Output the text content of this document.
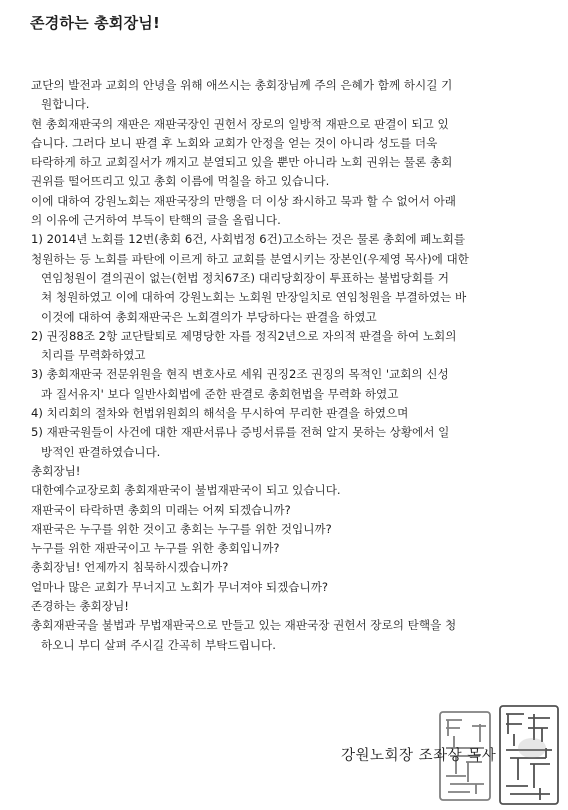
존경하는 총회장님!
교단의 발전과 교회의 안녕을 위해 애쓰시는 총회장님께 주의 은혜가 함께 하시길 기
원합니다.
현 총회재판국의 재판은 재판국장인 권헌서 장로의 일방적 재판으로 판결이 되고 있
습니다. 그러다 보니 판결 후 노회와 교회가 안정을 얻는 것이 아니라 성도를 더욱
타락하게 하고 교회질서가 깨지고 분열되고 있을 뿐만 아니라 노회 권위는 물론 총회
권위를 떨어뜨리고 있고 총회 이름에 먹칠을 하고 있습니다.
이에 대하여 강원노회는 재판국장의 만행을 더 이상 좌시하고 묵과 할 수 없어서 아래
의 이유에 근거하여 부득이 탄핵의 글을 올립니다.
1) 2014년 노회를 12번(총회 6건, 사회법정 6건)고소하는 것은 물론 총회에 폐노회를
청원하는 등 노회를 파탄에 이르게 하고 교회를 분열시키는 장본인(우제영 목사)에 대한
연임청원이 결의권이 없는(헌법 정치67조) 대리당회장이 투표하는 불법당회를 거
쳐 청원하였고 이에 대하여 강원노회는 노회원 만장일치로 연임청원을 부결하였는 바
이것에 대하여 총회재판국은 노회결의가 부당하다는 판결을 하였고
2) 권징88조 2항 교단탈퇴로 제명당한 자를 정직2년으로 자의적 판결을 하여 노회의
치리를 무력화하였고
3) 총회재판국 전문위원을 현직 변호사로 세워 권징2조 권징의 목적인 '교회의 신성
과 질서유지' 보다 일반사회법에 준한 판결로 총회헌법을 무력화 하였고
4) 치리회의 절차와 헌법위원회의 해석을 무시하여 무리한 판결을 하였으며
5) 재판국원들이 사건에 대한 재판서류나 증빙서류를 전혀 알지 못하는 상황에서 일
방적인 판결하였습니다.
총회장님!
대한예수교장로회 총회재판국이 불법재판국이 되고 있습니다.
재판국이 타락하면 총회의 미래는 어찌 되겠습니까?
재판국은 누구를 위한 것이고 총회는 누구를 위한 것입니까?
누구를 위한 재판국이고 누구를 위한 총회입니까?
총회장님! 언제까지 침묵하시겠습니까?
얼마나 많은 교회가 무너지고 노회가 무너져야 되겠습니까?
존경하는 총회장님!
총회재판국을 불법과 무법재판국으로 만들고 있는 재판국장 권헌서 장로의 탄핵을 청
하오니 부디 살펴 주시길 간곡히 부탁드립니다.
강원노회장 조좌상 목사
